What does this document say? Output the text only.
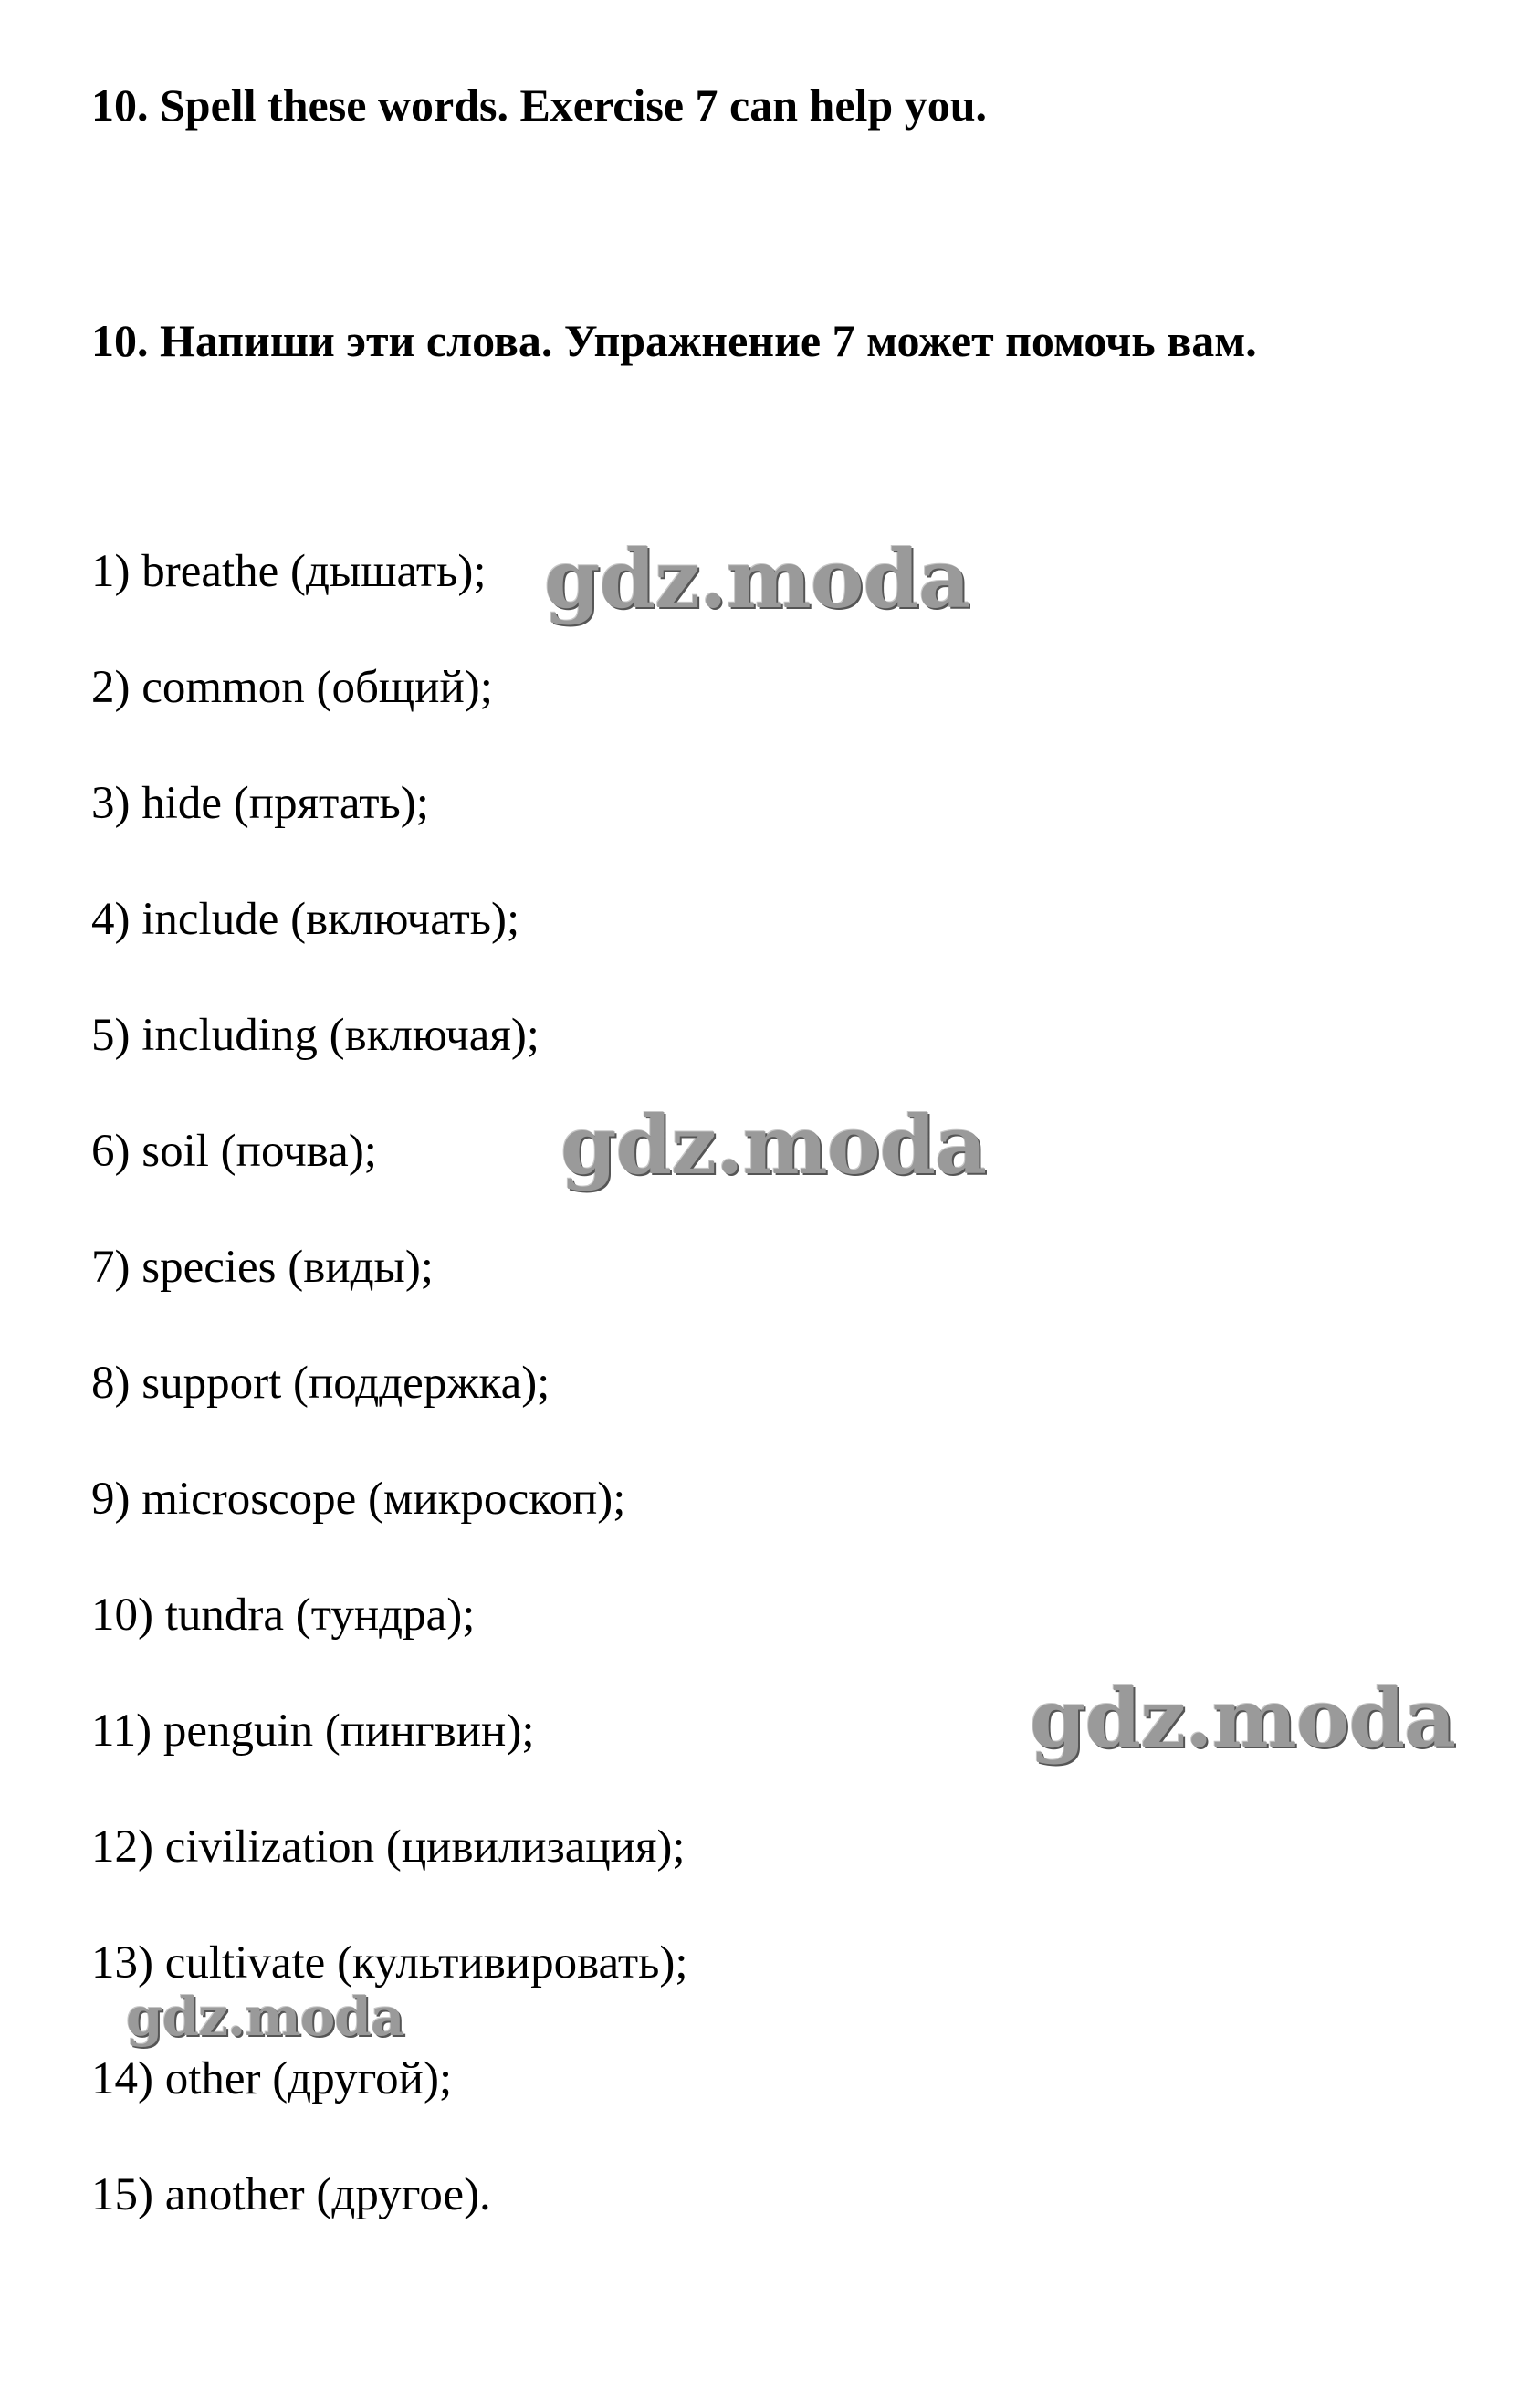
10. Spell these words. Exercise 7 can help you.
10. Напиши эти слова. Упражнение 7 может помочь вам.
1) breathe (дышать);
2) common (общий);
3) hide (прятать);
4) include (включать);
5) including (включая);
6) soil (почва);
7) species (виды);
8) support (поддержка);
9) microscope (микроскоп);
10) tundra (тундра);
11) penguin (пингвин);
12) civilization (цивилизация);
13) cultivate (культивировать);
14) other (другой);
15) another (другое).
gdz.moda
gdz.moda
gdz.moda
gdz.moda
